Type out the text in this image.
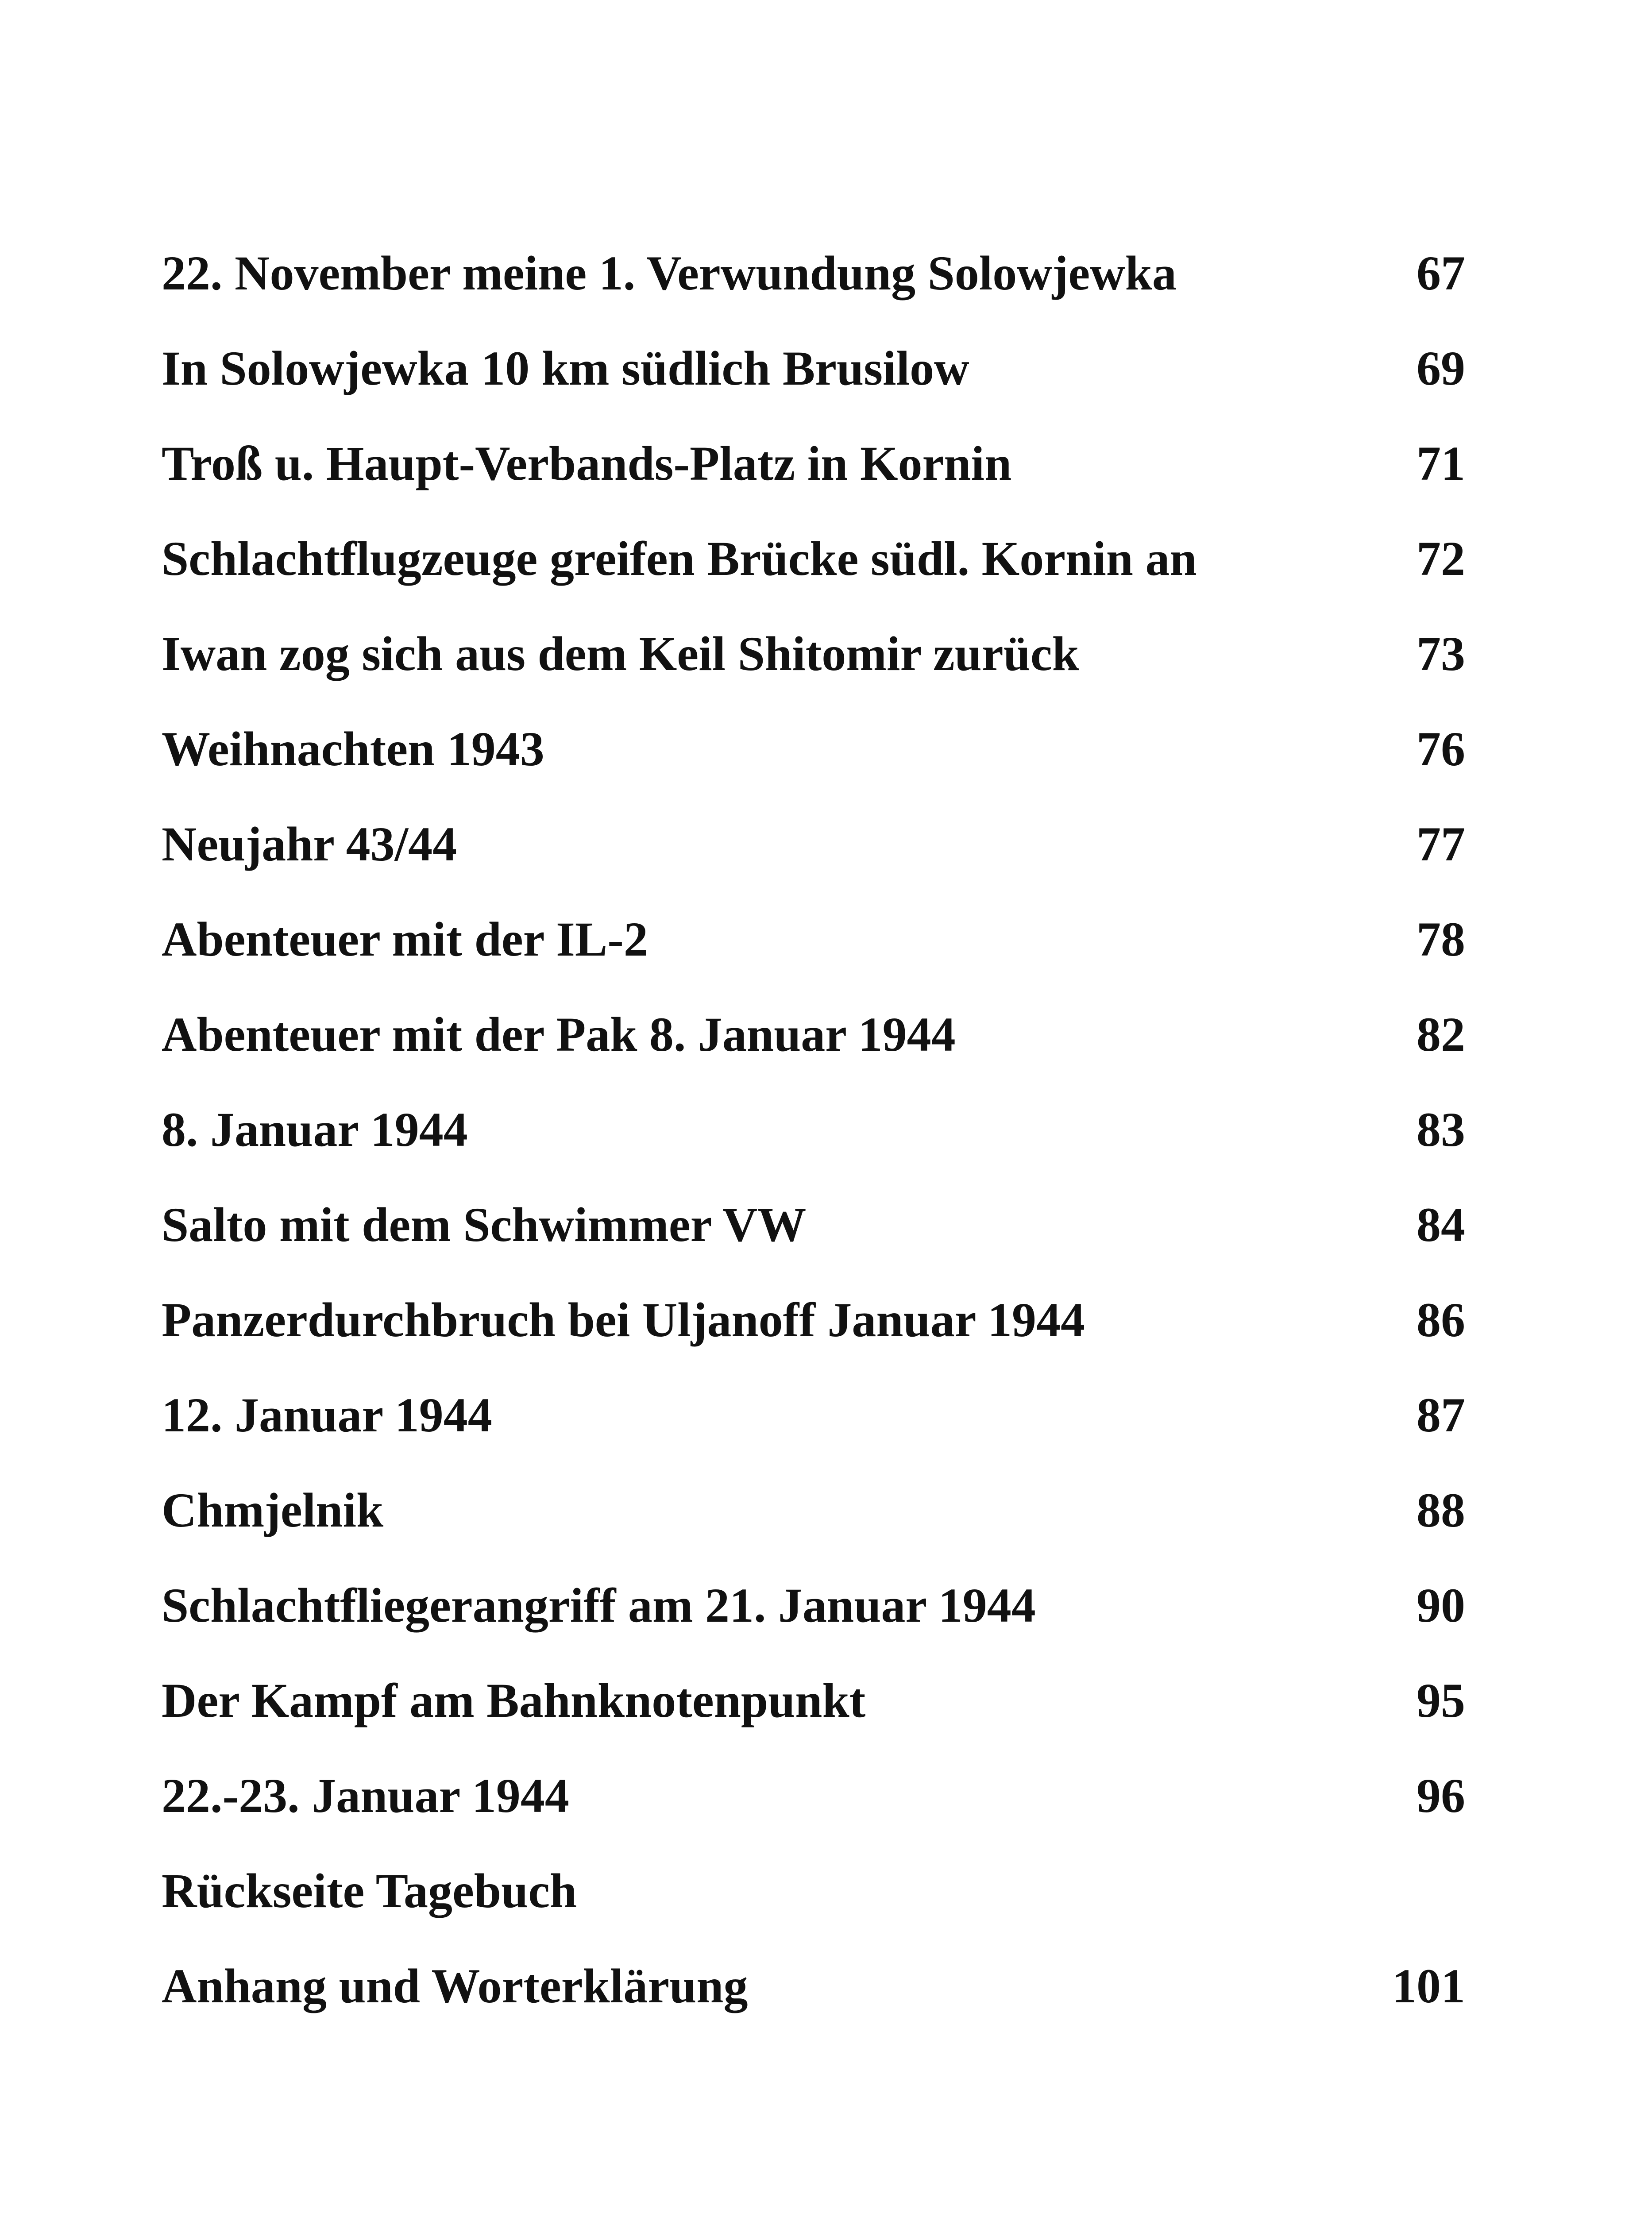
22. November meine 1. Verwundung Solowjewka	67
In Solowjewka 10 km südlich Brusilow	69
Troß u. Haupt-Verbands-Platz in Kornin	71
Schlachtflugzeuge greifen Brücke südl. Kornin an	72
Iwan zog sich aus dem Keil Shitomir zurück	73
Weihnachten 1943	76
Neujahr 43/44	77
Abenteuer mit der IL-2	78
Abenteuer mit der Pak 8. Januar 1944	82
8. Januar 1944	83
Salto mit dem Schwimmer VW	84
Panzerdurchbruch bei Uljanoff Januar 1944	86
12. Januar 1944	87
Chmjelnik	88
Schlachtfliegerangriff am 21. Januar 1944	90
Der Kampf am Bahnknotenpunkt	95
22.-23. Januar 1944	96
Rückseite Tagebuch
Anhang und Worterklärung	101
